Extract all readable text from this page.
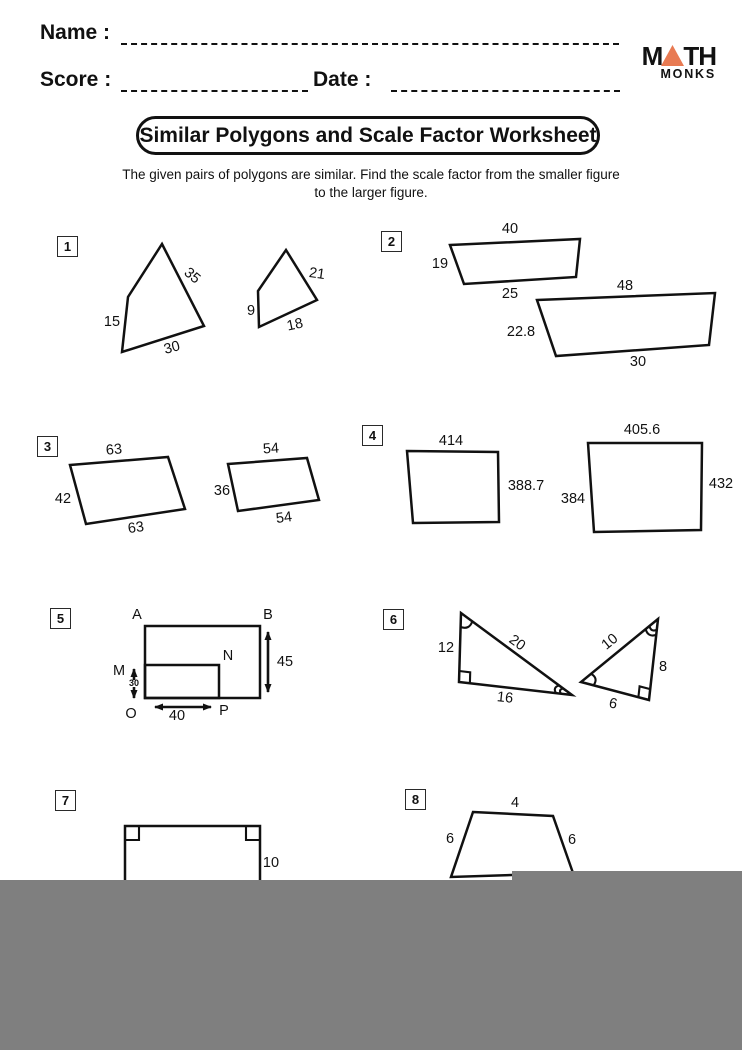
Name :
Score :	Date :
M TH
MONKS
Similar Polygons and Scale Factor Worksheet
The given pairs of polygons are similar. Find the scale factor from the smaller figure
to the larger figure.
1	2
3
4
5	6
7	8
35
15
30
21
9
18
40
19
25	48
22.8
30
63
42
63
54
36
54
414
388.7
405.6
432
384
A	B
M
N
O	P
45
30
40
12	20
16
10
8
6
10
4
6	6
